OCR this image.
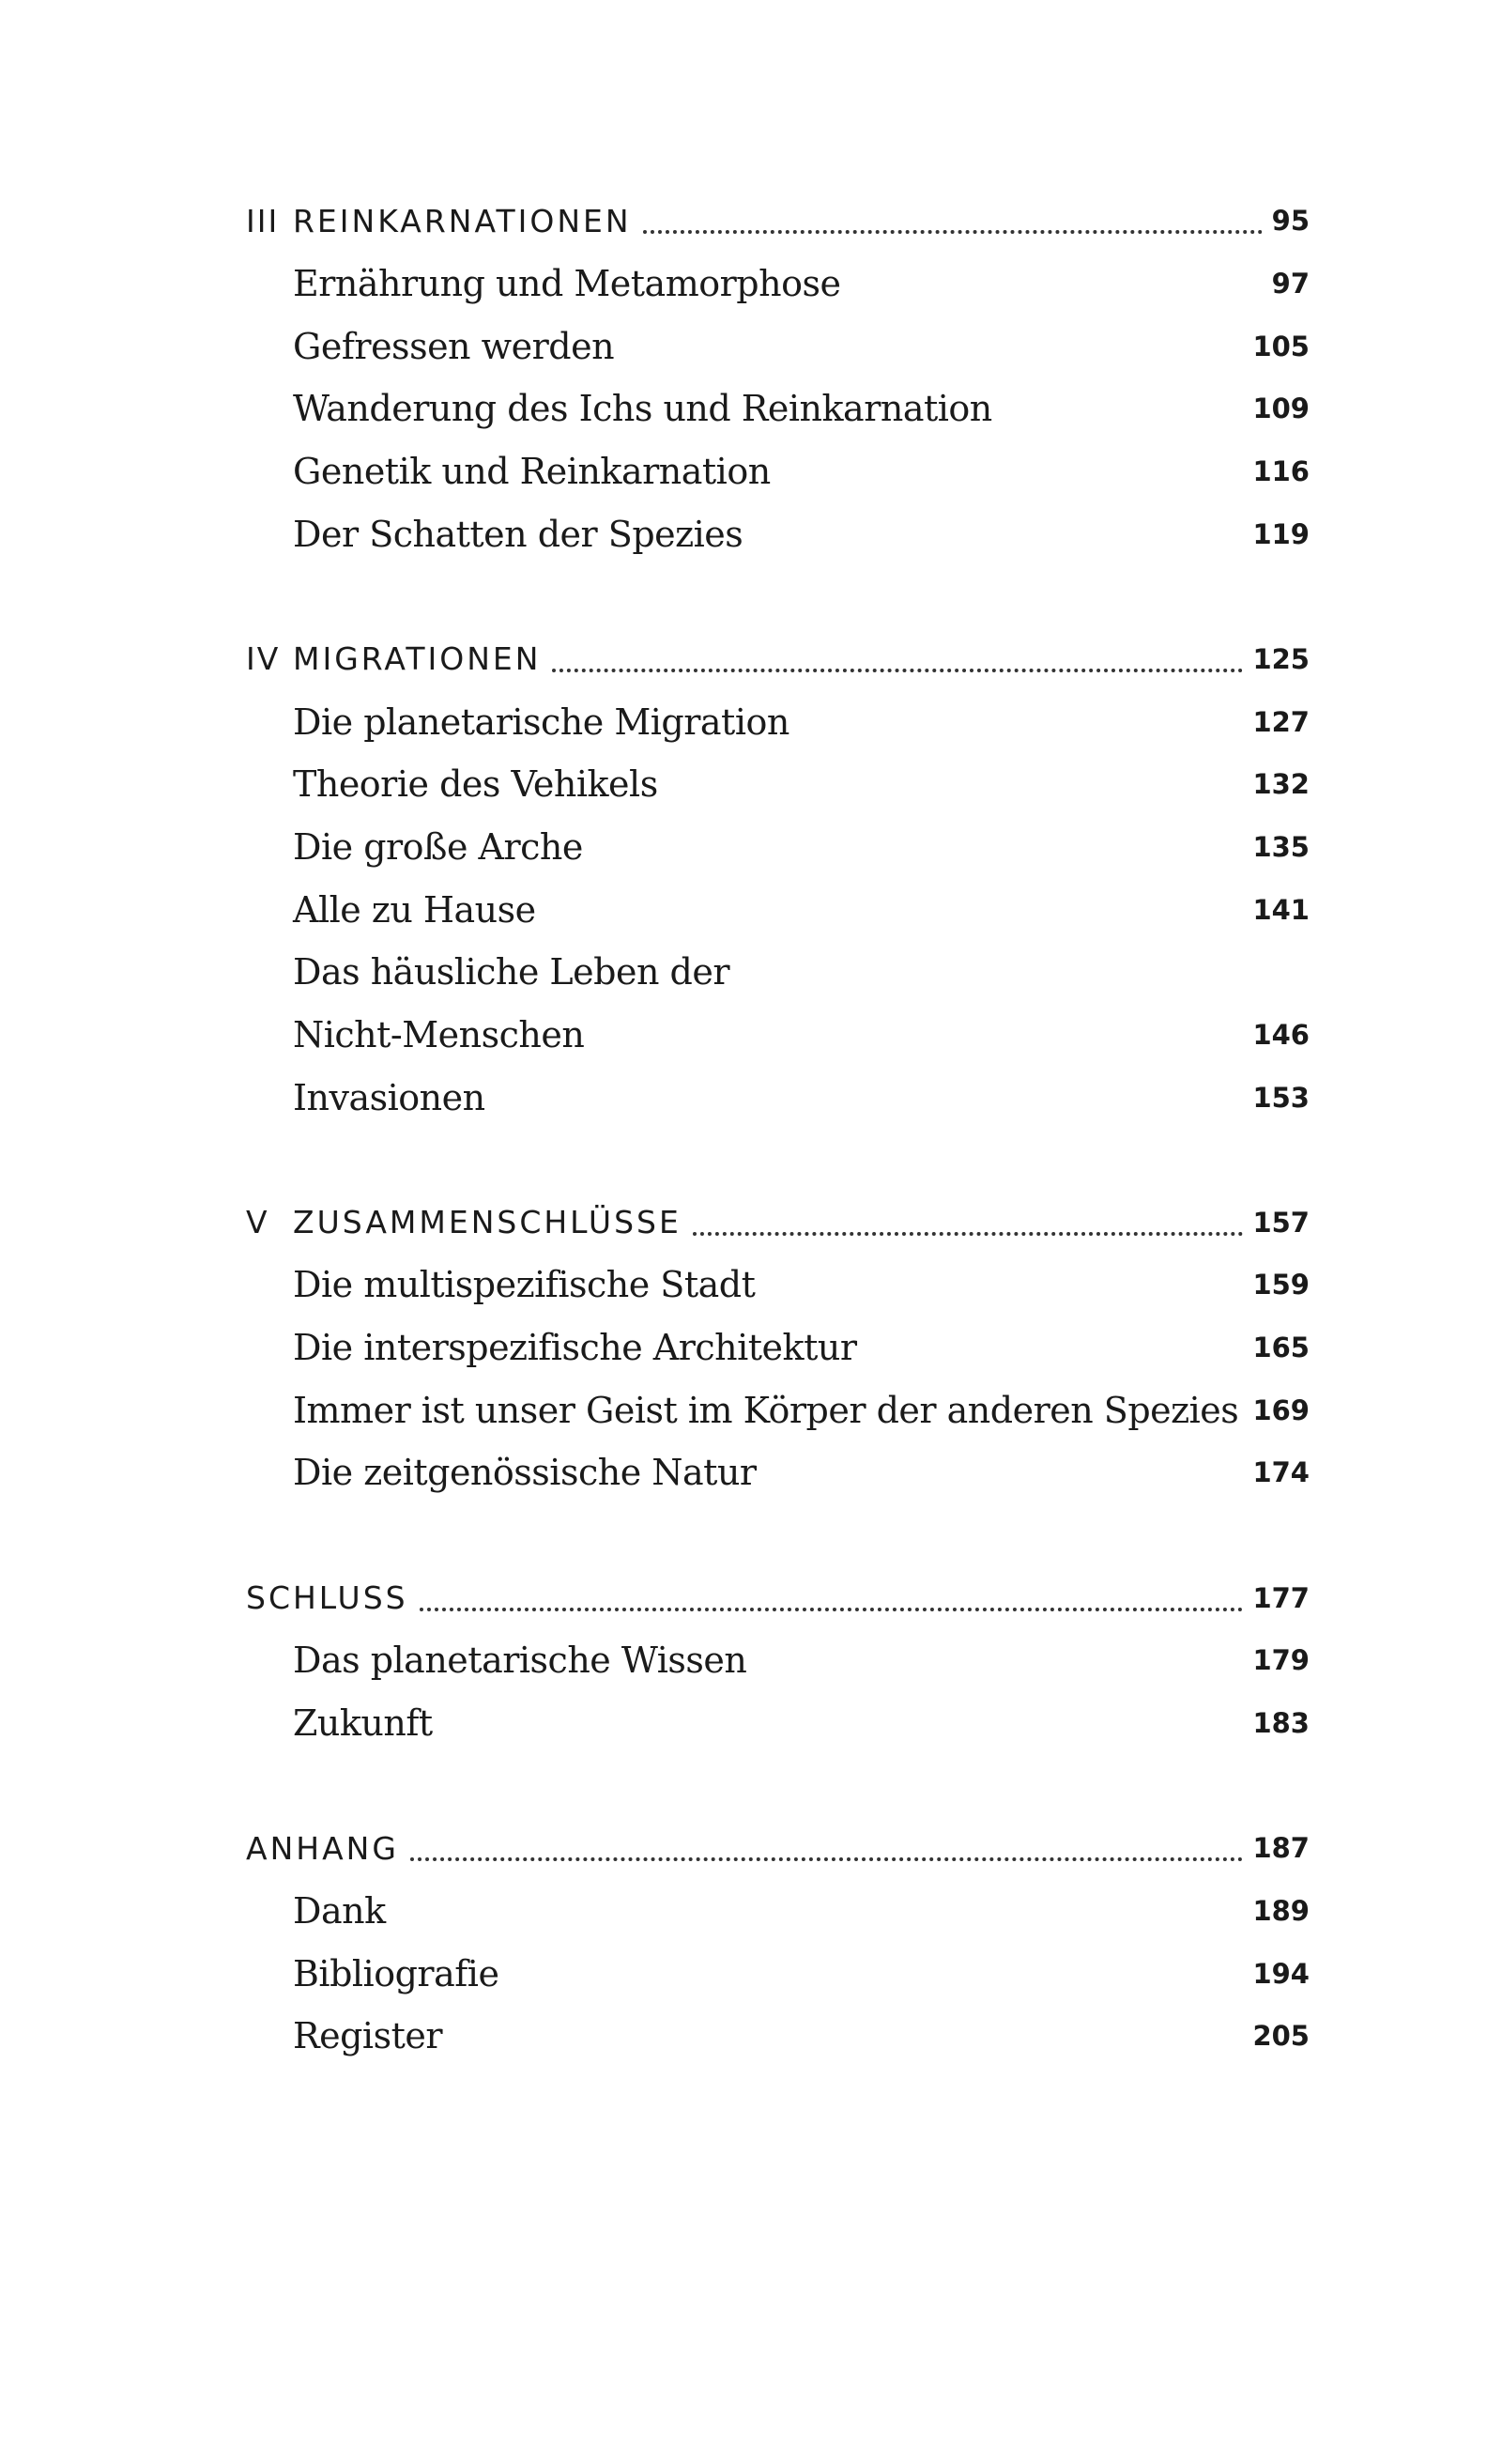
III REINKARNATIONEN	95
Ernährung und Metamorphose	97
Gefressen werden	105
Wanderung des Ichs und Reinkarnation	109
Genetik und Reinkarnation	116
Der Schatten der Spezies	119
IV MIGRATIONEN	125
Die planetarische Migration	127
Theorie des Vehikels	132
Die große Arche	135
Alle zu Hause	141
Das häusliche Leben der
Nicht-Menschen	146
Invasionen	153
V ZUSAMMENSCHLÜSSE	157
Die multispezifische Stadt	159
Die interspezifische Architektur	165
Immer ist unser Geist im Körper der anderen Spezies 169
Die zeitgenössische Natur	174
SCHLUSS	177
Das planetarische Wissen	179
Zukunft	183
ANHANG	187
Dank	189
Bibliografie	194
Register	205
